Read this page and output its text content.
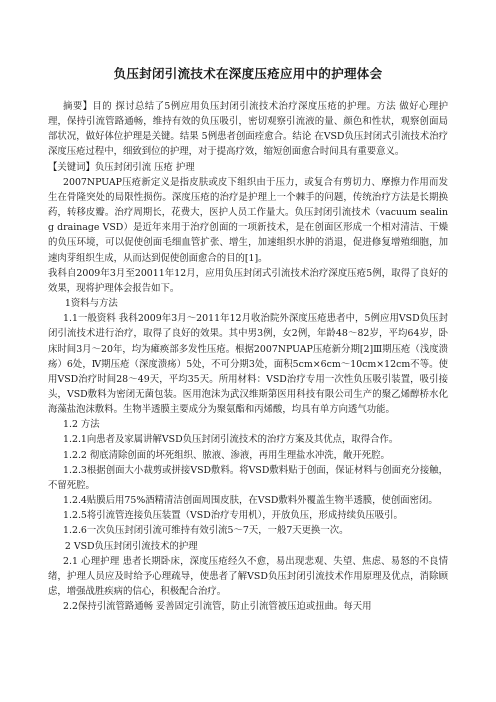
负压封闭引流技术在深度压疮应用中的护理体会

摘要】目的 探讨总结了5例应用负压封闭引流技术治疗深度压疮的护理。方法 做好心理护理，保持引流管路通畅，维持有效的负压吸引，密切观察引流液的量、颜色和性状，观察创面局部状况，做好体位护理是关键。结果 5例患者创面痊愈合。结论 在VSD负压封闭式引流技术治疗深度压疮过程中，细致到位的护理，对于提高疗效，缩短创面愈合时间具有重要意义。

【关键词】负压封闭引流 压疮 护理

2007NPUAP压疮新定义是指皮肤或皮下组织由于压力，或复合有剪切力、摩擦力作用而发生在骨隆突处的局限性损伤。深度压疮的治疗是护理上一个棘手的问题，传统治疗方法是长期换药，转移皮瓣。治疗周期长，花费大，医护人员工作量大。负压封闭引流技术（vacuum sealing drainage VSD）是近年来用于治疗创面的一项新技术，是在创面区形成一个相对清洁、干燥的负压环境，可以促使创面毛细血管扩张、增生，加速组织水肿的消退，促进修复增殖细胞，加速肉芽组织生成，从而达到促使创面愈合的目的[1]。

我科自2009年3月至20011年12月，应用负压封闭式引流技术治疗深度压疮5例，取得了良好的效果，现将护理体会报告如下。

1资料与方法

1.1一般资料 我科2009年3月～2011年12月收治院外深度压疮患者中，5例应用VSD负压封闭引流技术进行治疗，取得了良好的效果。其中男3例，女2例，年龄48～82岁，平均64岁，卧床时间3月～20年，均为瘫痪部多发性压疮。根据2007NPUAP压疮新分期[2]Ⅲ期压疮（浅度溃疡）6处，Ⅳ期压疮（深度溃疡）5处，不可分期3处，面积5cm×6cm～10cm×12cm不等。使用VSD治疗时间28～49天，平均35天。所用材料：VSD治疗专用一次性负压吸引装置，吸引接头，VSD敷料为密闭无菌包装。医用泡沫为武汉维斯第医用科技有限公司生产的聚乙烯醇桥水化海藻盐泡沫敷料。生物半透膜主要成分为聚氨酯和丙烯酸，均具有单方向透气功能。

1.2 方法

1.2.1向患者及家属讲解VSD负压封闭引流技术的治疗方案及其优点，取得合作。

1.2.2 彻底清除创面的坏死组织、脓液、渗液，再用生理盐水冲洗，敞开死腔。

1.2.3根据创面大小裁剪或拼接VSD敷料。将VSD敷料贴于创面，保证材料与创面充分接触，不留死腔。

1.2.4贴膜后用75%酒精清洁创面周围皮肤，在VSD敷料外覆盖生物半透膜，使创面密闭。

1.2.5将引流管连接负压装置（VSD治疗专用机），开放负压，形成持续负压吸引。

1.2.6一次负压封闭引流可维持有效引流5～7天，一般7天更换一次。

2 VSD负压封闭引流技术的护理

2.1 心理护理 患者长期卧床，深度压疮经久不愈，易出现悲观、失望、焦虑、易怒的不良情绪，护理人员应及时给予心理疏导，使患者了解VSD负压封闭引流技术作用原理及优点，消除顾虑，增强战胜疾病的信心，积极配合治疗。

2.2保持引流管路通畅 妥善固定引流管，防止引流管被压迫或扭曲。每天用
